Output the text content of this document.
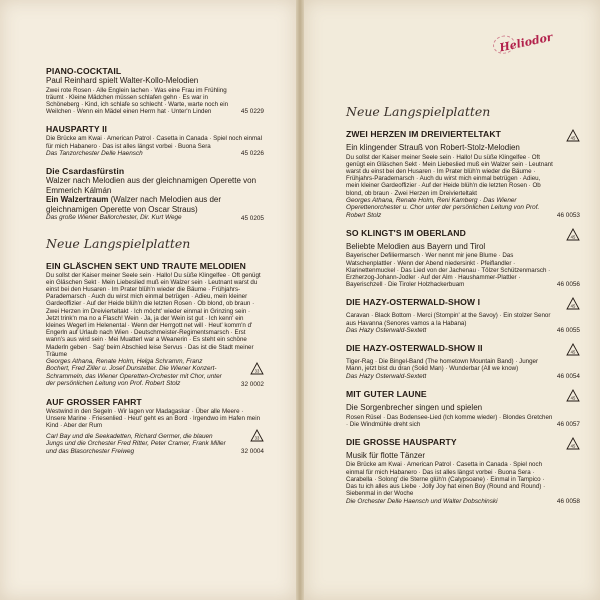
PIANO-COCKTAIL
Paul Reinhard spielt Walter-Kollo-Melodien
Zwei rote Rosen · Alle Englein lachen · Was eine Frau im Frühling träumt · Kleine Mädchen müssen schlafen gehn · Es war in Schöneberg · Kind, ich schlafe so schlecht · Warte, warte noch ein Weilchen · Wenn ein Mädel einen Herrn hat · Unter'n Linden	45 0229
HAUSPARTY II
Die Brücke am Kwai · American Patrol · Casetta in Canada · Spiel noch einmal für mich Habanero · Das ist alles längst vorbei · Buona Sera
Das Tanzorchester Delle Haensch	45 0226
Die Csardasfürstin
Walzer nach Melodien aus der gleichnamigen Operette von Emmerich Kálmán
Ein Walzertraum (Walzer nach Melodien aus der gleichnamigen Operette von Oscar Straus)
Das große Wiener Ballorchester, Dir. Kurt Wege	45 0205
Neue Langspielplatten
EIN GLÄSCHEN SEKT UND TRAUTE MELODIEN
Du sollst der Kaiser meiner Seele sein · Hallo! Du süße Klingelfee · Oft genügt ein Gläschen Sekt · Mein Liebeslied muß ein Walzer sein · Leutnant warst du einst bei den Husaren · Im Prater blüh'n wieder die Bäume · Frühjahrs-Parademarsch · Auch du wirst mich einmal betrügen · Adieu, mein kleiner Gardeoffizier · Auf der Heide blüh'n die letzten Rosen · Ob blond, ob braun · Zwei Herzen im Dreivierteltakt · Ich möcht' wieder einmal in Grinzing sein · Jetzt trink'n ma no a Flasch! Wein · Ja, ja der Wein ist gut · Ich kenn' ein kleines Wegerl im Helenental · Wenn der Herrgott net will · Heut' komm'n d' Engerln auf Urlaub nach Wien · Deutschmeister-Regimentsmarsch · Erst wann's aus wird sein · Mei Muatterl war a Weanerin · Es steht ein schöne Maderln geben · Sag' beim Abschied leise Servus · Das ist die Stadt meiner Träume
Georges Athana, Renate Holm, Helga Schramm, Franz Bochert, Fred Ziller u. Josef Dunstetter. Die Wiener Konzert-Schrammeln, das Wiener Operetten-Orchester mit Chor, unter der persönlichen Leitung von Prof. Robert Stolz
33
32 0002
AUF GROSSER FAHRT
Westwind in den Segeln · Wir lagen vor Madagaskar · Über alle Meere · Unsere Marine · Friesenlied · Heut' geht es an Bord · Irgendwo im Hafen mein Kind · Aber der Rum
Carl Bay und die Seekadetten, Richard Germer, die blauen Jungs und die Orchester Fred Ritter, Peter Cramer, Frank Miller und das Blasorchester Freiweg
33
32 0004
Heliodor
Neue Langspielplatten
ZWEI HERZEN IM DREIVIERTELTAKT	45
Ein klingender Strauß von Robert-Stolz-Melodien
Du sollst der Kaiser meiner Seele sein · Hallo! Du süße Klingelfee · Oft genügt ein Gläschen Sekt · Mein Liebeslied muß ein Walzer sein · Leutnant warst du einst bei den Husaren · Im Prater blüh'n wieder die Bäume · Frühjahrs-Parademarsch · Auch du wirst mich einmal betrügen · Adieu, mein kleiner Gardeoffizier · Auf der Heide blüh'n die letzten Rosen · Ob blond, ob braun · Zwei Herzen im Dreivierteltakt
Georges Athana, Renate Holm, Reni Kamberg · Das Wiener Operettenorchester u. Chor unter der persönlichen Leitung von Prof. Robert Stolz	46 0053
SO KLINGT'S IM OBERLAND	45
Beliebte Melodien aus Bayern und Tirol
Bayerischer Defiliermarsch · Wer nennt mir jene Blume · Das Watschenplattler · Wenn der Abend niedersinkt · Pfeiflandler · Klarinettenmuckel · Das Lied von der Jachenau · Tölzer Schützenmarsch · Erzherzog-Johann-Jodler · Auf der Alm · Haushammer-Plattler · Bayerischzell · Die Tiroler Holzhackerbuam	46 0056
DIE HAZY-OSTERWALD-SHOW I	45
Caravan · Black Bottom · Merci (Stompin' at the Savoy) · Ein stolzer Senor aus Havanna (Senores vamos a la Habana)
Das Hazy Osterwald-Sextett	46 0055
DIE HAZY-OSTERWALD-SHOW II	45
Tiger-Rag · Die Bingel-Band (The hometown Mountain Band) · Junger Mann, jetzt bist du dran (Solid Man) · Wunderbar (All we know)
Das Hazy Osterwald-Sextett	46 0054
MIT GUTER LAUNE	45
Die Sorgenbrecher singen und spielen
Rosen Rüsel · Das Bodensee-Lied (Ich komme wieder) · Blondes Gretchen · Die Windmühle dreht sich	46 0057
DIE GROSSE HAUSPARTY	45
Musik für flotte Tänzer
Die Brücke am Kwai · American Patrol · Casetta in Canada · Spiel noch einmal für mich Habanero · Das ist alles längst vorbei · Buona Sera · Carabella · Solong' die Sterne glüh'n (Calypsoane) · Einmal in Tampico · Das tu ich alles aus Liebe · Jolly Joy hat einen Boy (Round and Round) · Siebenmal in der Woche
Die Orchester Delle Haensch und Walter Dobschinski	46 0058
